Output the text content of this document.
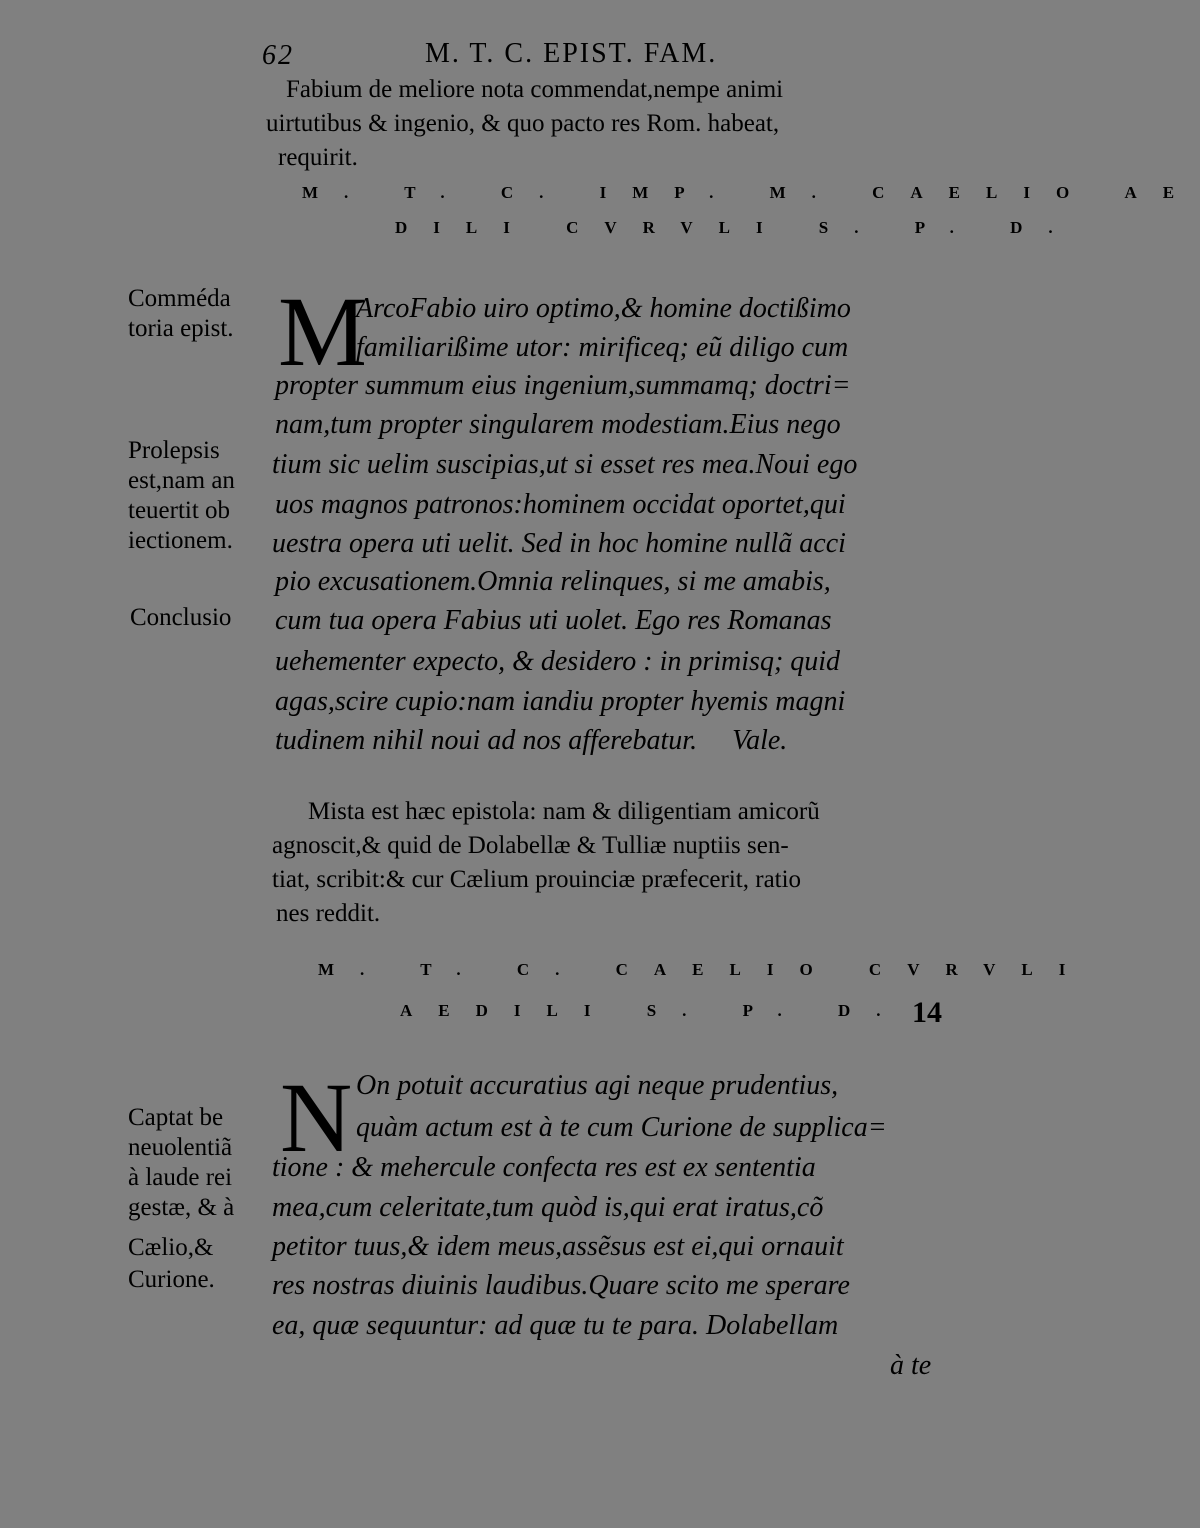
62	M. T. C. EPIST. FAM.
Fabium de meliore nota commendat,nempe animi
uirtutibus & ingenio, & quo pacto res Rom. habeat,
requirit.
M. T. C. IMP. M. CAELIO AE
DILI CVRVLI S. P. D.
M
ArcoFabio uiro optimo,& homine doctißimo
familiarißime utor: mirificeq; eũ diligo cum
propter summum eius ingenium,summamq; doctri=
nam,tum propter singularem modestiam.Eius nego
tium sic uelim suscipias,ut si esset res mea.Noui ego
uos magnos patronos:hominem occidat oportet,qui
uestra opera uti uelit. Sed in hoc homine nullã acci
pio excusationem.Omnia relinques, si me amabis,
cum tua opera Fabius uti uolet. Ego res Romanas
uehementer expecto, & desidero : in primisq; quid
agas,scire cupio:nam iandiu propter hyemis magni
tudinem nihil noui ad nos afferebatur.     Vale.
Comméda
toria epist.
Prolepsis
est,nam an
teuertit ob
iectionem.
Conclusio
Mista est hæc epistola: nam & diligentiam amicorũ
agnoscit,& quid de Dolabellæ & Tulliæ nuptiis sen-
tiat, scribit:& cur Cælium prouinciæ præfecerit, ratio
nes reddit.
M. T. C. CAELIO CVRVLI
AEDILI S. P. D. 14
N On potuit accuratius agi neque prudentius,
quàm actum est à te cum Curione de supplica=
tione : & mehercule confecta res est ex sententia
mea,cum celeritate,tum quòd is,qui erat iratus,cõ
petitor tuus,& idem meus,assẽsus est ei,qui ornauit
res nostras diuinis laudibus.Quare scito me sperare
ea, quæ sequuntur: ad quæ tu te para. Dolabellam
à te
Captat be
neuolentiã
à laude rei
gestæ, & à
Cælio,&
Curione.
